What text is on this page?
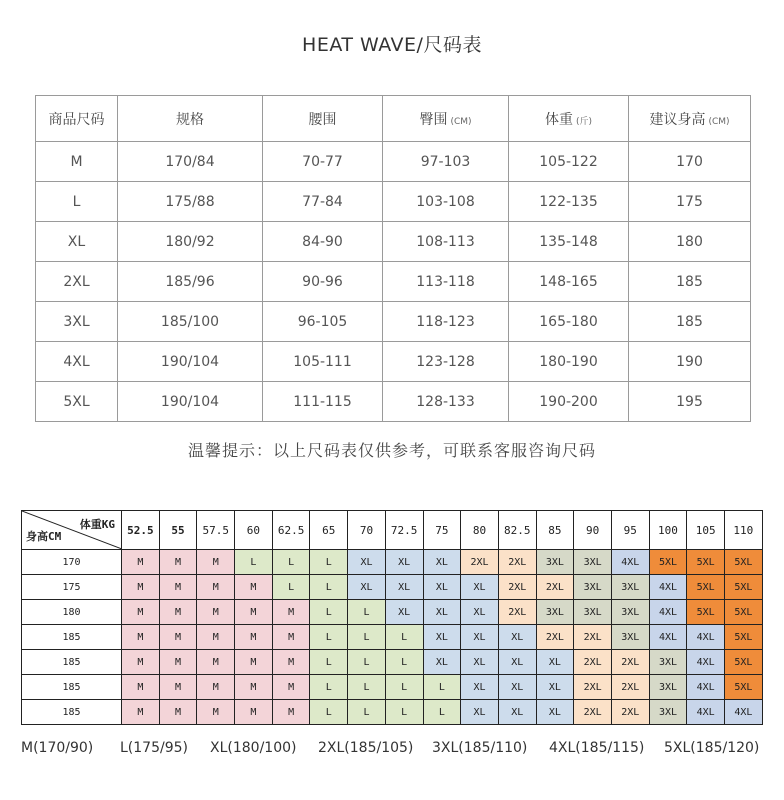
HEAT WAVE/尺码表
商品尺码	规格	腰围	臀围 (CM)	体重 (斤)	建议身高 (CM)
M	170/84	70-77	97-103	105-122	170
L	175/88	77-84	103-108	122-135	175
XL	180/92	84-90	108-113	135-148	180
2XL	185/96	90-96	113-118	148-165	185
3XL	185/100	96-105	118-123	165-180	185
4XL	190/104	105-111	123-128	180-190	190
5XL	190/104	111-115	128-133	190-200	195
温馨提示：以上尺码表仅供参考，可联系客服咨询尺码
体重KG
身高CM	52.5	55	57.5	60	62.5	65	70	72.5	75	80	82.5	85	90	95	100	105	110
170	M	M	M	L	L	L	XL	XL	XL	2XL	2XL	3XL	3XL	4XL	5XL	5XL	5XL
175	M	M	M	M	L	L	XL	XL	XL	XL	2XL	2XL	3XL	3XL	4XL	5XL	5XL
180	M	M	M	M	M	L	L	XL	XL	XL	2XL	3XL	3XL	3XL	4XL	5XL	5XL
185	M	M	M	M	M	L	L	L	XL	XL	XL	2XL	2XL	3XL	4XL	4XL	5XL
185	M	M	M	M	M	L	L	L	XL	XL	XL	XL	2XL	2XL	3XL	4XL	5XL
185	M	M	M	M	M	L	L	L	L	XL	XL	XL	2XL	2XL	3XL	4XL	5XL
185	M	M	M	M	M	L	L	L	L	XL	XL	XL	2XL	2XL	3XL	4XL	4XL
M(170/90) L(175/95) XL(180/100) 2XL(185/105) 3XL(185/110) 4XL(185/115) 5XL(185/120)
